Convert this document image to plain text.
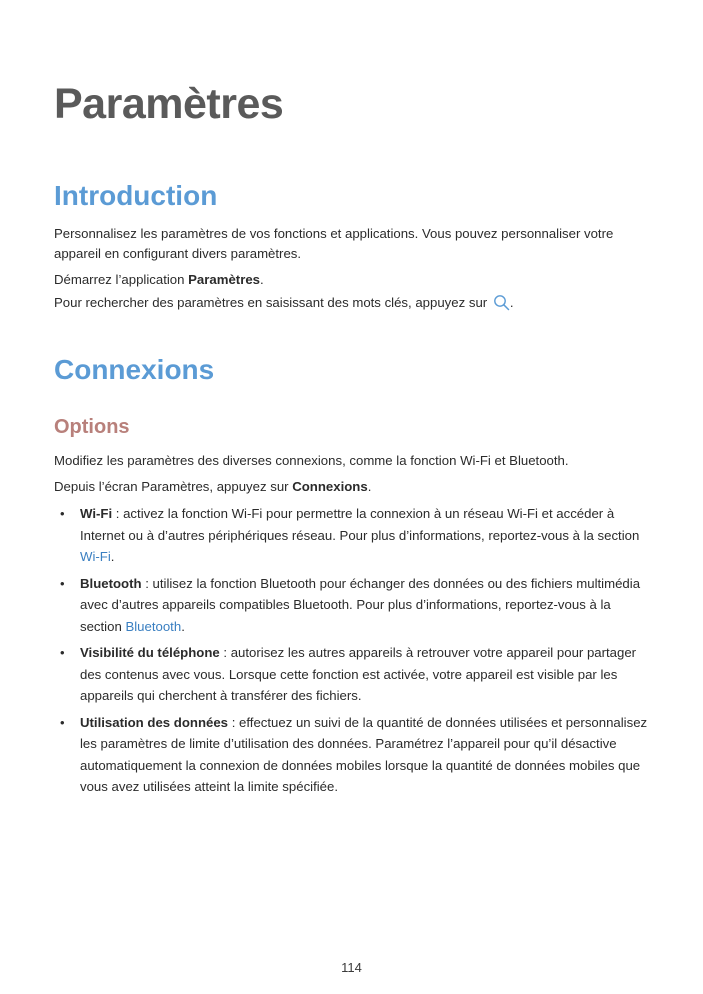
Paramètres
Introduction

Personnalisez les paramètres de vos fonctions et applications. Vous pouvez personnaliser votre appareil en configurant divers paramètres.

Démarrez l’application Paramètres.

Pour rechercher des paramètres en saisissant des mots clés, appuyez sur .

Connexions
Options

Modifiez les paramètres des diverses connexions, comme la fonction Wi-Fi et Bluetooth.

Depuis l’écran Paramètres, appuyez sur Connexions.

• Wi-Fi : activez la fonction Wi-Fi pour permettre la connexion à un réseau Wi-Fi et accéder à Internet ou à d’autres périphériques réseau. Pour plus d’informations, reportez-vous à la section Wi-Fi.
• Bluetooth : utilisez la fonction Bluetooth pour échanger des données ou des fichiers multimédia avec d’autres appareils compatibles Bluetooth. Pour plus d’informations, reportez-vous à la section Bluetooth.
• Visibilité du téléphone : autorisez les autres appareils à retrouver votre appareil pour partager des contenus avec vous. Lorsque cette fonction est activée, votre appareil est visible par les appareils qui cherchent à transférer des fichiers.
• Utilisation des données : effectuez un suivi de la quantité de données utilisées et personnalisez les paramètres de limite d’utilisation des données. Paramétrez l’appareil pour qu’il désactive automatiquement la connexion de données mobiles lorsque la quantité de données mobiles que vous avez utilisées atteint la limite spécifiée.
114
